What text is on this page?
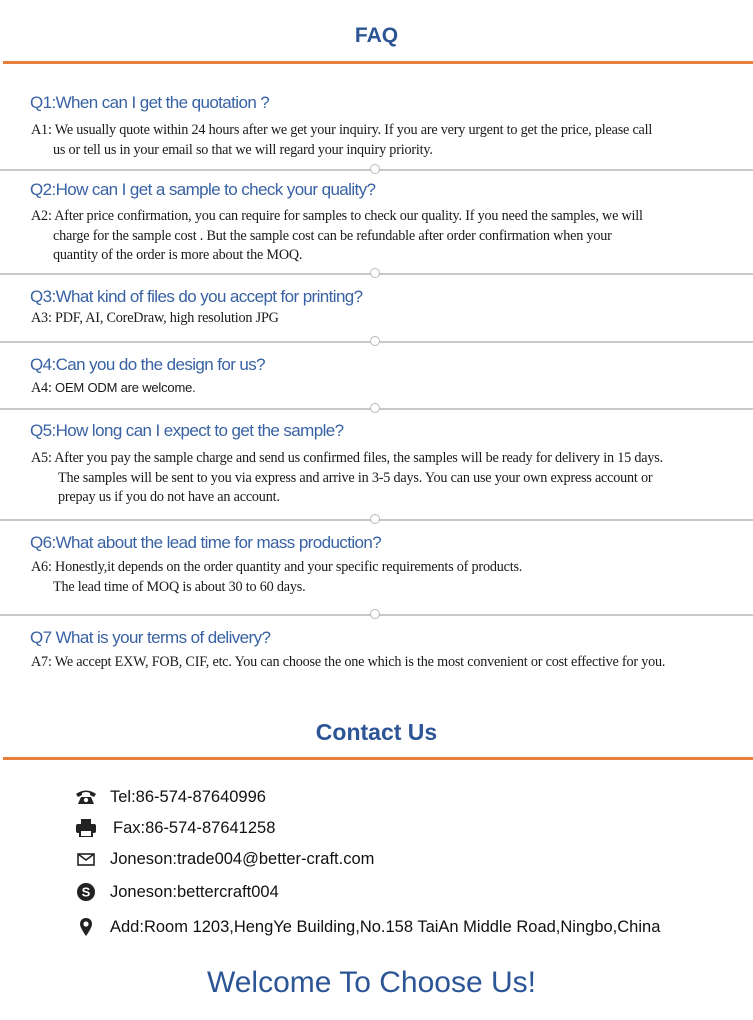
FAQ
Q1:When can I get the quotation ?
A1: We usually quote within 24 hours after we get your inquiry. If you are very urgent to get the price, please call
us or tell us in your email so that we will regard your inquiry priority.
Q2:How can I get a sample to check your quality?
A2: After price confirmation, you can require for samples to check our quality. If you need the samples, we will
charge for the sample cost . But the sample cost can be refundable after order confirmation when your
quantity of the order is more about the MOQ.
Q3:What kind of files do you accept for printing?
A3: PDF, AI, CoreDraw, high resolution JPG
Q4:Can you do the design for us?
A4: OEM ODM are welcome.
Q5:How long can I expect to get the sample?
A5: After you pay the sample charge and send us confirmed files, the samples will be ready for delivery in 15 days.
The samples will be sent to you via express and arrive in 3-5 days. You can use your own express account or
prepay us if you do not have an account.
Q6:What about the lead time for mass production?
A6: Honestly,it depends on the order quantity and your specific requirements of products.
The lead time of MOQ is about 30 to 60 days.
Q7 What is your terms of delivery?
A7: We accept EXW, FOB, CIF, etc. You can choose the one which is the most convenient or cost effective for you.
Contact Us
Tel:86-574-87640996
Fax:86-574-87641258
Joneson:trade004@better-craft.com
S Joneson:bettercraft004
Add:Room 1203,HengYe Building,No.158 TaiAn Middle Road,Ningbo,China
Welcome To Choose Us!
